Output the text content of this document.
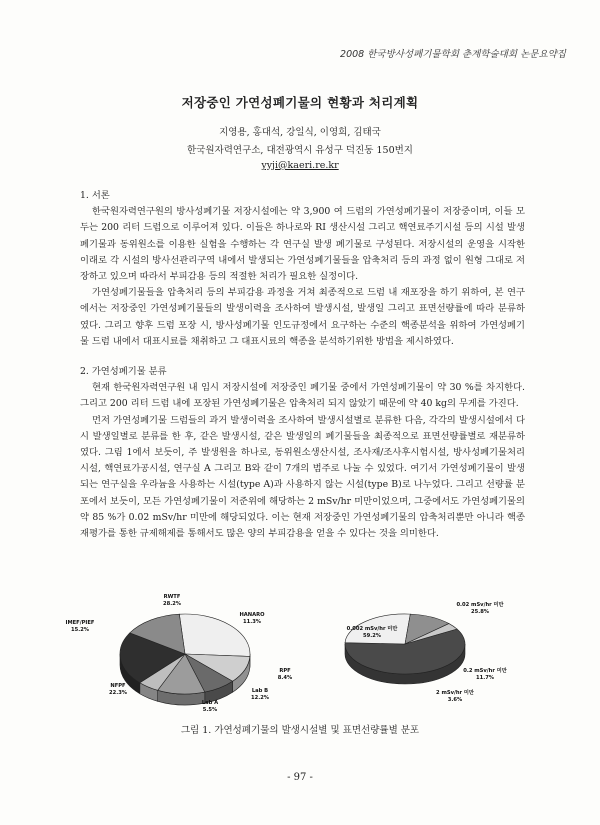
2008 한국방사성폐기물학회 춘계학술대회 논문요약집
저장중인 가연성폐기물의 현황과 처리계획
지영용, 홍대석, 강일식, 이영희, 김태국
한국원자력연구소, 대전광역시 유성구 덕진동 150번지
yyji@kaeri.re.kr

1. 서론

한국원자력연구원의 방사성폐기물 저장시설에는 약 3,900 여 드럼의 가연성폐기물이 저장중이며, 이들 모두는 200 리터 드럼으로 이루어져 있다. 이들은 하나로와 RI 생산시설 그리고 핵연료주기시설 등의 시설 발생 폐기물과 동위원소를 이용한 실험을 수행하는 각 연구실 발생 폐기물로 구성된다. 저장시설의 운영을 시작한 이래로 각 시설의 방사선관리구역 내에서 발생되는 가연성폐기물들을 압축처리 등의 과정 없이 원형 그대로 저장하고 있으며 따라서 부피감용 등의 적절한 처리가 필요한 실정이다.

가연성폐기물들을 압축처리 등의 부피감용 과정을 거쳐 최종적으로 드럼 내 재포장을 하기 위하여, 본 연구에서는 저장중인 가연성폐기물들의 발생이력을 조사하여 발생시설, 발생일 그리고 표면선량률에 따라 분류하였다. 그리고 향후 드럼 포장 시, 방사성폐기물 인도규정에서 요구하는 수준의 핵종분석을 위하여 가연성폐기물 드럼 내에서 대표시료를 채취하고 그 대표시료의 핵종을 분석하기위한 방법을 제시하였다.

2. 가연성폐기물 분류

현재 한국원자력연구원 내 임시 저장시설에 저장중인 폐기물 중에서 가연성폐기물이 약 30 %를 차지한다. 그리고 200 리터 드럼 내에 포장된 가연성폐기물은 압축처리 되지 않았기 때문에 약 40 kg의 무게를 가진다.

먼저 가연성폐기물 드럼들의 과거 발생이력을 조사하여 발생시설별로 분류한 다음, 각각의 발생시설에서 다시 발생일별로 분류를 한 후, 같은 발생시설, 같은 발생일의 폐기물들을 최종적으로 표면선량률별로 재분류하였다. 그림 1에서 보듯이, 주 발생원을 하나로, 동위원소생산시설, 조사재/조사후시험시설, 방사성폐기물처리시설, 핵연료가공시설, 연구실 A 그리고 B와 같이 7개의 범주로 나눌 수 있었다. 여기서 가연성폐기물이 발생되는 연구실을 우라늄을 사용하는 시설(type A)과 사용하지 않는 시설(type B)로 나누었다. 그리고 선량률 분포에서 보듯이, 모든 가연성폐기물이 저준위에 해당하는 2 mSv/hr 미만이었으며, 그중에서도 가연성폐기물의 약 85 %가 0.02 mSv/hr 미만에 해당되었다. 이는 현재 저장중인 가연성폐기물의 압축처리뿐만 아니라 핵종 재평가를 통한 규제해제를 통해서도 많은 양의 부피감용을 얻을 수 있다는 것을 의미한다.

RWTF
28.2%
HANARO
11.3%
RPF
8.4%
Lab B
12.2%
Lab A
5.5%
NFPF
22.3%
IMEF/PIEF
15.2%	0.002 mSv/hr 미만
59.2%
0.02 mSv/hr 미만
25.8%
0.2 mSv/hr 미만
11.7%
2 mSv/hr 미만
3.6%
그림 1. 가연성폐기물의 발생시설별 및 표면선량률별 분포
- 97 -
